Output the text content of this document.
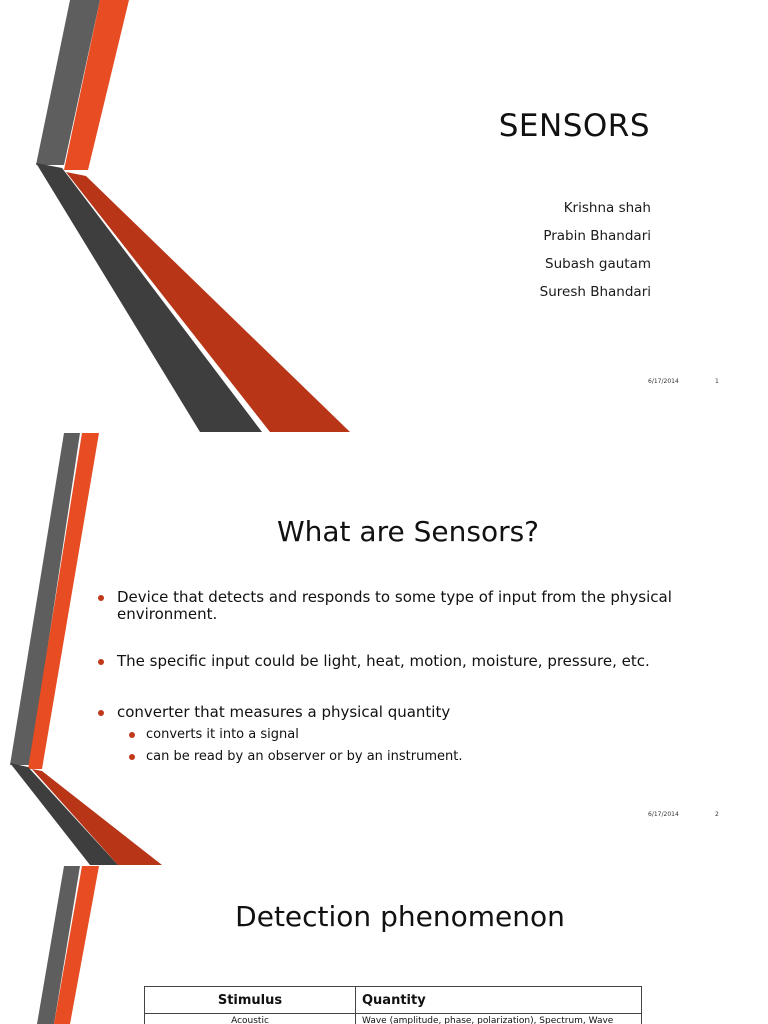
SENSORS
Krishna shah
Prabin Bhandari
Subash gautam
Suresh Bhandari
6/17/2014	1
What are Sensors?
Device that detects and responds to some type of input from the physical environment.
The specific input could be light, heat, motion, moisture, pressure, etc.
converter that measures a physical quantity
converts it into a signal
can be read by an observer or by an instrument.
6/17/2014	2
Detection phenomenon
Stimulus	Quantity
Acoustic	Wave (amplitude, phase, polarization), Spectrum, Wave
